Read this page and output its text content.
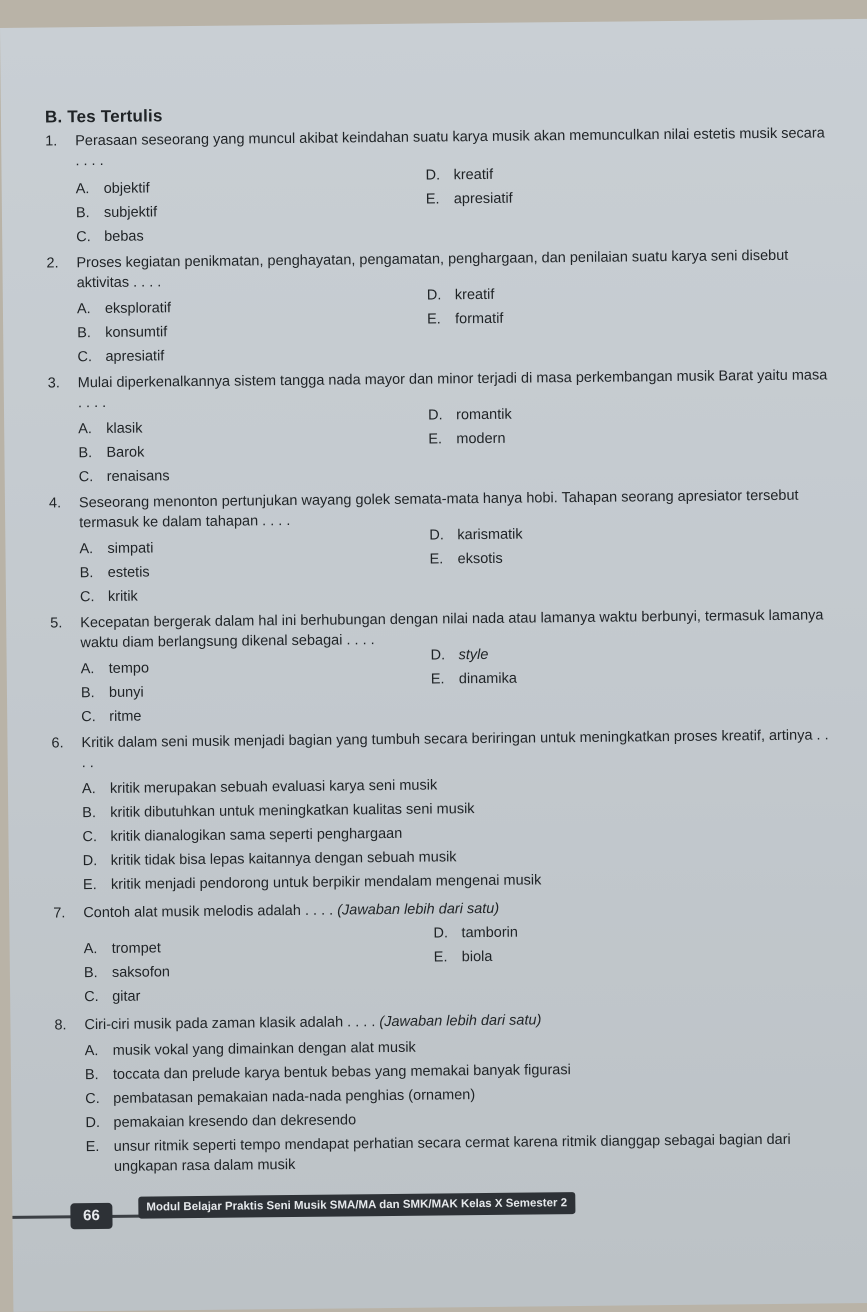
B. Tes Tertulis
1. Perasaan seseorang yang muncul akibat keindahan suatu karya musik akan memunculkan nilai estetis musik secara . . . .
A. objektif
B. subjektif
C. bebas
D. kreatif
E. apresiatif
2. Proses kegiatan penikmatan, penghayatan, pengamatan, penghargaan, dan penilaian suatu karya seni disebut aktivitas . . . .
A. eksploratif
B. konsumtif
C. apresiatif
D. kreatif
E. formatif
3. Mulai diperkenalkannya sistem tangga nada mayor dan minor terjadi di masa perkembangan musik Barat yaitu masa . . . .
A. klasik
B. Barok
C. renaisans
D. romantik
E. modern
4. Seseorang menonton pertunjukan wayang golek semata-mata hanya hobi. Tahapan seorang apresiator tersebut termasuk ke dalam tahapan . . . .
A. simpati
B. estetis
C. kritik
D. karismatik
E. eksotis
5. Kecepatan bergerak dalam hal ini berhubungan dengan nilai nada atau lamanya waktu berbunyi, termasuk lamanya waktu diam berlangsung dikenal sebagai . . . .
A. tempo
B. bunyi
C. ritme
D. style
E. dinamika
6. Kritik dalam seni musik menjadi bagian yang tumbuh secara beriringan untuk meningkatkan proses kreatif, artinya . . . .
A. kritik merupakan sebuah evaluasi karya seni musik
B. kritik dibutuhkan untuk meningkatkan kualitas seni musik
C. kritik dianalogikan sama seperti penghargaan
D. kritik tidak bisa lepas kaitannya dengan sebuah musik
E. kritik menjadi pendorong untuk berpikir mendalam mengenai musik
7. Contoh alat musik melodis adalah . . . . (Jawaban lebih dari satu)
A. trompet
B. saksofon
C. gitar
D. tamborin
E. biola
8. Ciri-ciri musik pada zaman klasik adalah . . . . (Jawaban lebih dari satu)
A. musik vokal yang dimainkan dengan alat musik
B. toccata dan prelude karya bentuk bebas yang memakai banyak figurasi
C. pembatasan pemakaian nada-nada penghias (ornamen)
D. pemakaian kresendo dan dekresendo
E. unsur ritmik seperti tempo mendapat perhatian secara cermat karena ritmik dianggap sebagai bagian dari ungkapan rasa dalam musik
66
Modul Belajar Praktis Seni Musik SMA/MA dan SMK/MAK Kelas X Semester 2
